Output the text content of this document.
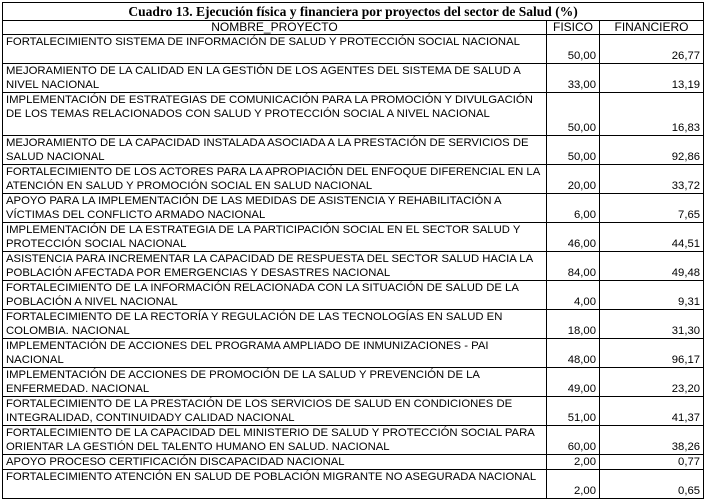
Cuadro 13. Ejecución física y financiera por proyectos del sector de Salud (%)		
NOMBRE_PROYECTO	FISICO	FINANCIERO
FORTALECIMIENTO SISTEMA DE INFORMACIÓN DE SALUD Y PROTECCIÓN SOCIAL NACIONAL	50,00	26,77
MEJORAMIENTO DE LA CALIDAD EN LA GESTIÓN DE LOS AGENTES DEL SISTEMA DE SALUD A NIVEL NACIONAL	33,00	13,19
IMPLEMENTACIÓN DE ESTRATEGIAS DE COMUNICACIÓN PARA LA PROMOCIÓN Y DIVULGACIÓN DE LOS TEMAS RELACIONADOS CON SALUD Y PROTECCIÓN SOCIAL A NIVEL NACIONAL	50,00	16,83
MEJORAMIENTO DE LA CAPACIDAD INSTALADA ASOCIADA A LA PRESTACIÓN DE SERVICIOS DE SALUD NACIONAL	50,00	92,86
FORTALECIMIENTO DE LOS ACTORES PARA LA APROPIACIÓN DEL ENFOQUE DIFERENCIAL EN LA ATENCIÓN EN SALUD Y PROMOCIÓN SOCIAL EN SALUD NACIONAL	20,00	33,72
APOYO PARA LA IMPLEMENTACIÓN DE LAS MEDIDAS DE ASISTENCIA Y REHABILITACIÓN A VÍCTIMAS DEL CONFLICTO ARMADO NACIONAL	6,00	7,65
IMPLEMENTACIÓN DE LA ESTRATEGIA DE LA PARTICIPACIÓN SOCIAL EN EL SECTOR SALUD Y PROTECCIÓN SOCIAL NACIONAL	46,00	44,51
ASISTENCIA PARA INCREMENTAR LA CAPACIDAD DE RESPUESTA DEL SECTOR SALUD HACIA LA POBLACIÓN AFECTADA POR EMERGENCIAS Y DESASTRES NACIONAL	84,00	49,48
FORTALECIMIENTO DE LA INFORMACIÓN RELACIONADA CON LA SITUACIÓN DE SALUD DE LA POBLACIÓN A NIVEL NACIONAL	4,00	9,31
FORTALECIMIENTO DE LA RECTORÍA Y REGULACIÓN DE LAS TECNOLOGÍAS EN SALUD EN COLOMBIA. NACIONAL	18,00	31,30
IMPLEMENTACIÓN DE ACCIONES DEL PROGRAMA AMPLIADO DE INMUNIZACIONES - PAI NACIONAL	48,00	96,17
IMPLEMENTACIÓN DE ACCIONES DE PROMOCIÓN DE LA SALUD Y PREVENCIÓN DE LA ENFERMEDAD. NACIONAL	49,00	23,20
FORTALECIMIENTO DE LA PRESTACIÓN DE LOS SERVICIOS DE SALUD EN CONDICIONES DE INTEGRALIDAD, CONTINUIDADY CALIDAD NACIONAL	51,00	41,37
FORTALECIMIENTO DE LA CAPACIDAD DEL MINISTERIO DE SALUD Y PROTECCIÓN SOCIAL PARA ORIENTAR LA GESTIÓN DEL TALENTO HUMANO EN SALUD. NACIONAL	60,00	38,26
APOYO PROCESO CERTIFICACIÓN DISCAPACIDAD NACIONAL	2,00	0,77
FORTALECIMIENTO ATENCIÓN EN SALUD DE POBLACIÓN MIGRANTE NO ASEGURADA NACIONAL	2,00	0,65
